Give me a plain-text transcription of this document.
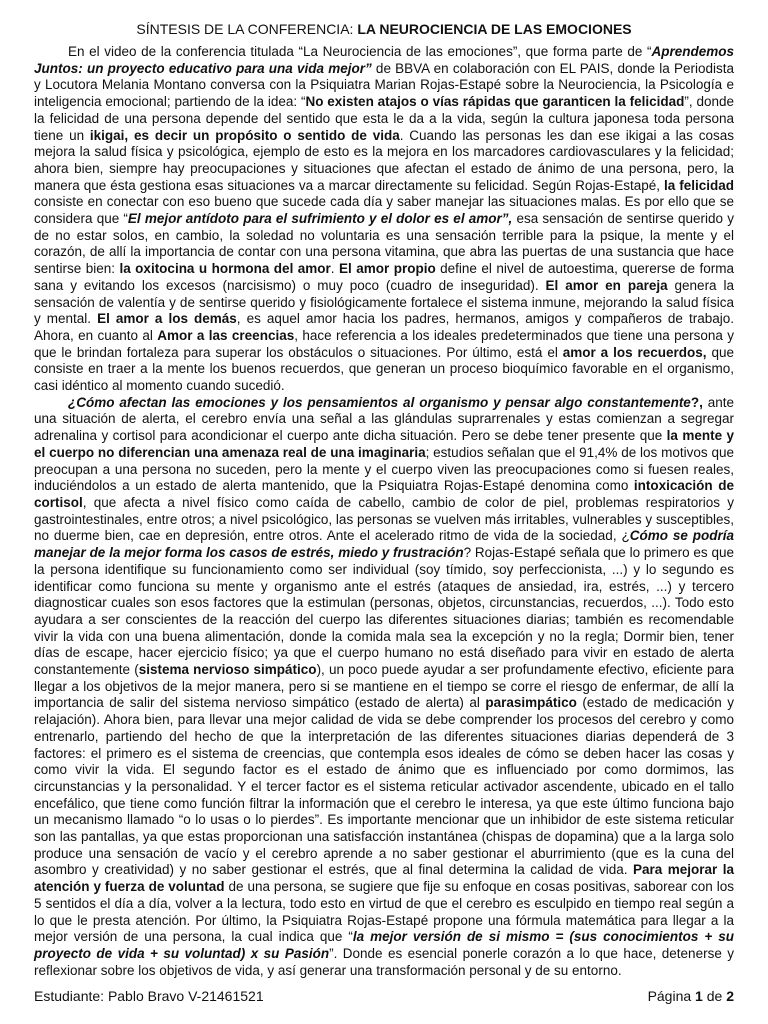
SÍNTESIS DE LA CONFERENCIA: LA NEUROCIENCIA DE LAS EMOCIONES

En el video de la conferencia titulada “La Neurociencia de las emociones”, que forma parte de “Aprendemos Juntos: un proyecto educativo para una vida mejor” de BBVA en colaboración con EL PAIS, donde la Periodista y Locutora Melania Montano conversa con la Psiquiatra Marian Rojas-Estapé sobre la Neurociencia, la Psicología e inteligencia emocional; partiendo de la idea: “No existen atajos o vías rápidas que garanticen la felicidad”, donde la felicidad de una persona depende del sentido que esta le da a la vida, según la cultura japonesa toda persona tiene un ikigai, es decir un propósito o sentido de vida. Cuando las personas les dan ese ikigai a las cosas mejora la salud física y psicológica, ejemplo de esto es la mejora en los marcadores cardiovasculares y la felicidad; ahora bien, siempre hay preocupaciones y situaciones que afectan el estado de ánimo de una persona, pero, la manera que ésta gestiona esas situaciones va a marcar directamente su felicidad. Según Rojas-Estapé, la felicidad consiste en conectar con eso bueno que sucede cada día y saber manejar las situaciones malas. Es por ello que se considera que “El mejor antídoto para el sufrimiento y el dolor es el amor”, esa sensación de sentirse querido y de no estar solos, en cambio, la soledad no voluntaria es una sensación terrible para la psique, la mente y el corazón, de allí la importancia de contar con una persona vitamina, que abra las puertas de una sustancia que hace sentirse bien: la oxitocina u hormona del amor. El amor propio define el nivel de autoestima, quererse de forma sana y evitando los excesos (narcisismo) o muy poco (cuadro de inseguridad). El amor en pareja genera la sensación de valentía y de sentirse querido y fisiológicamente fortalece el sistema inmune, mejorando la salud física y mental. El amor a los demás, es aquel amor hacia los padres, hermanos, amigos y compañeros de trabajo. Ahora, en cuanto al Amor a las creencias, hace referencia a los ideales predeterminados que tiene una persona y que le brindan fortaleza para superar los obstáculos o situaciones. Por último, está el amor a los recuerdos, que consiste en traer a la mente los buenos recuerdos, que generan un proceso bioquímico favorable en el organismo, casi idéntico al momento cuando sucedió.

¿Cómo afectan las emociones y los pensamientos al organismo y pensar algo constantemente?, ante una situación de alerta, el cerebro envía una señal a las glándulas suprarrenales y estas comienzan a segregar adrenalina y cortisol para acondicionar el cuerpo ante dicha situación. Pero se debe tener presente que la mente y el cuerpo no diferencian una amenaza real de una imaginaria; estudios señalan que el 91,4% de los motivos que preocupan a una persona no suceden, pero la mente y el cuerpo viven las preocupaciones como si fuesen reales, induciéndolos a un estado de alerta mantenido, que la Psiquiatra Rojas-Estapé denomina como intoxicación de cortisol, que afecta a nivel físico como caída de cabello, cambio de color de piel, problemas respiratorios y gastrointestinales, entre otros; a nivel psicológico, las personas se vuelven más irritables, vulnerables y susceptibles, no duerme bien, cae en depresión, entre otros. Ante el acelerado ritmo de vida de la sociedad, ¿Cómo se podría manejar de la mejor forma los casos de estrés, miedo y frustración? Rojas-Estapé señala que lo primero es que la persona identifique su funcionamiento como ser individual (soy tímido, soy perfeccionista, ...) y lo segundo es identificar como funciona su mente y organismo ante el estrés (ataques de ansiedad, ira, estrés, ...) y tercero diagnosticar cuales son esos factores que la estimulan (personas, objetos, circunstancias, recuerdos, ...). Todo esto ayudara a ser conscientes de la reacción del cuerpo las diferentes situaciones diarias; también es recomendable vivir la vida con una buena alimentación, donde la comida mala sea la excepción y no la regla; Dormir bien, tener días de escape, hacer ejercicio físico; ya que el cuerpo humano no está diseñado para vivir en estado de alerta constantemente (sistema nervioso simpático), un poco puede ayudar a ser profundamente efectivo, eficiente para llegar a los objetivos de la mejor manera, pero si se mantiene en el tiempo se corre el riesgo de enfermar, de allí la importancia de salir del sistema nervioso simpático (estado de alerta) al parasimpático (estado de medicación y relajación). Ahora bien, para llevar una mejor calidad de vida se debe comprender los procesos del cerebro y como entrenarlo, partiendo del hecho de que la interpretación de las diferentes situaciones diarias dependerá de 3 factores: el primero es el sistema de creencias, que contempla esos ideales de cómo se deben hacer las cosas y como vivir la vida. El segundo factor es el estado de ánimo que es influenciado por como dormimos, las circunstancias y la personalidad. Y el tercer factor es el sistema reticular activador ascendente, ubicado en el tallo encefálico, que tiene como función filtrar la información que el cerebro le interesa, ya que este último funciona bajo un mecanismo llamado “o lo usas o lo pierdes”. Es importante mencionar que un inhibidor de este sistema reticular son las pantallas, ya que estas proporcionan una satisfacción instantánea (chispas de dopamina) que a la larga solo produce una sensación de vacío y el cerebro aprende a no saber gestionar el aburrimiento (que es la cuna del asombro y creatividad) y no saber gestionar el estrés, que al final determina la calidad de vida. Para mejorar la atención y fuerza de voluntad de una persona, se sugiere que fije su enfoque en cosas positivas, saborear con los 5 sentidos el día a día, volver a la lectura, todo esto en virtud de que el cerebro es esculpido en tiempo real según a lo que le presta atención. Por último, la Psiquiatra Rojas-Estapé propone una fórmula matemática para llegar a la mejor versión de una persona, la cual indica que “la mejor versión de si mismo = (sus conocimientos + su proyecto de vida + su voluntad) x su Pasión”. Donde es esencial ponerle corazón a lo que hace, detenerse y reflexionar sobre los objetivos de vida, y así generar una transformación personal y de su entorno.

Estudiante: Pablo Bravo V-21461521	Página 1 de 2
